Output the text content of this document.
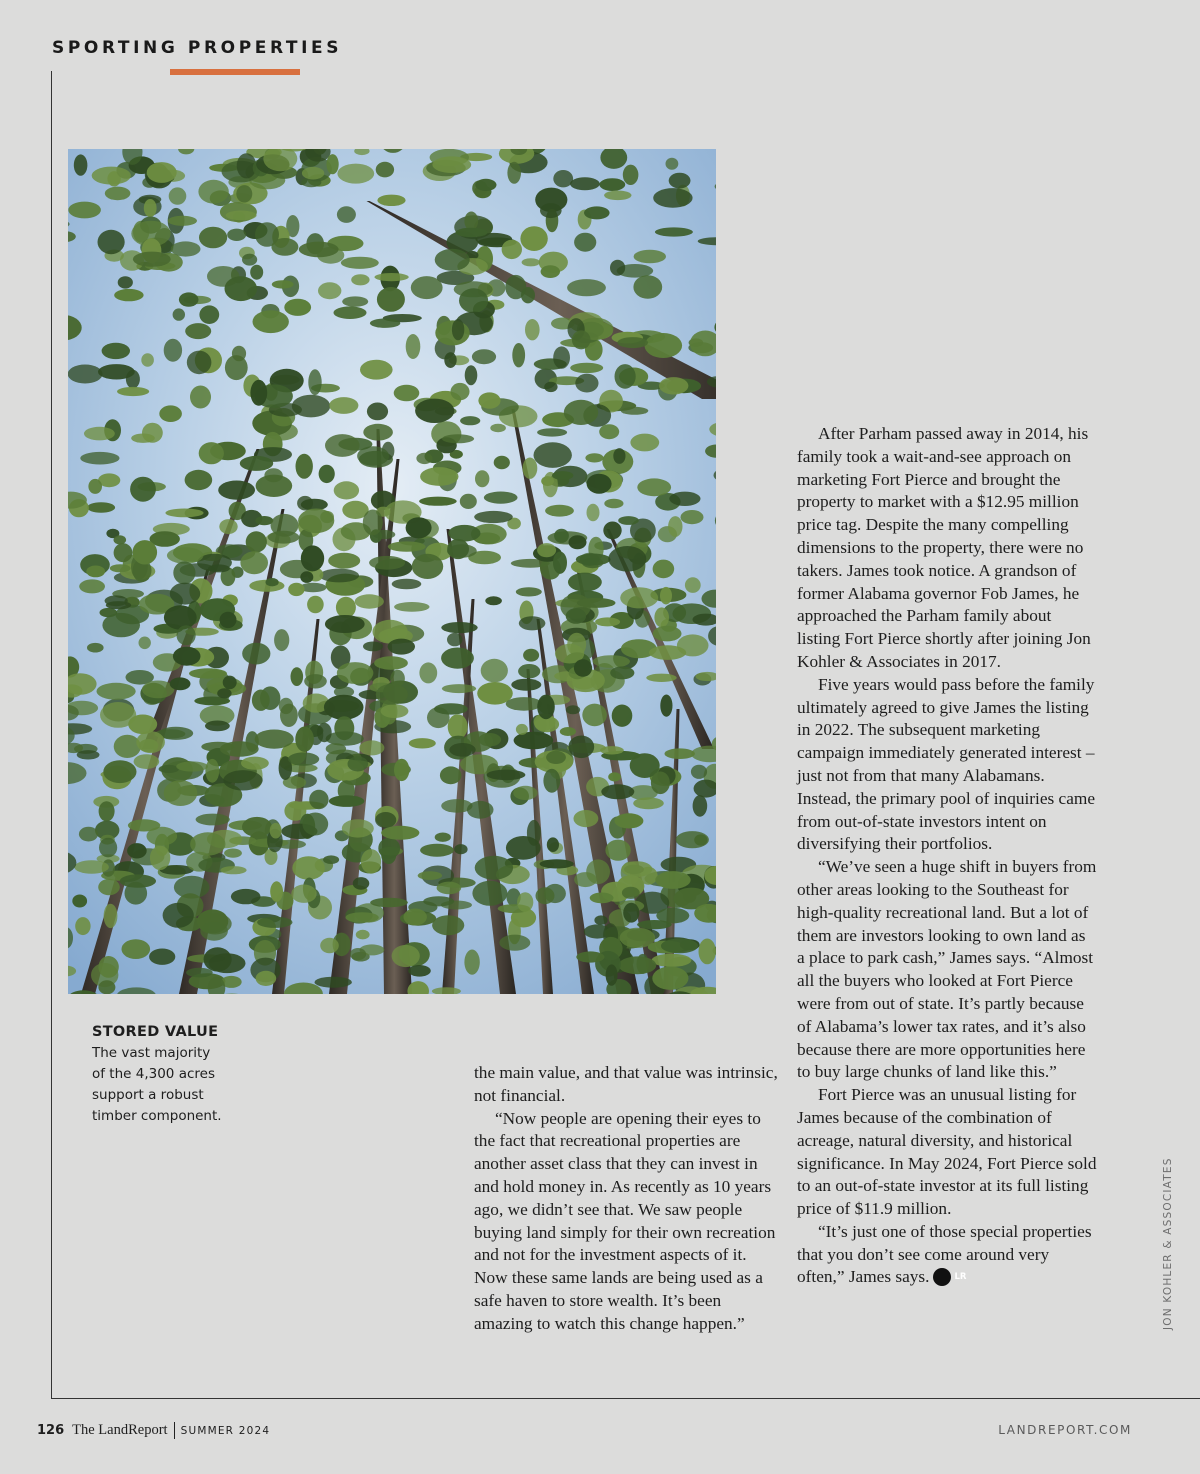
SPORTING PROPERTIES
STORED VALUE
The vast majority
of the 4,300 acres
support a robust
timber component.

the main value, and that value was intrinsic, not financial.

“Now people are opening their eyes to the fact that recreational properties are another asset class that they can invest in and hold money in. As recently as 10 years ago, we didn’t see that. We saw people buying land simply for their own recreation and not for the investment aspects of it. Now these same lands are being used as a safe haven to store wealth. It’s been amazing to watch this change happen.”

After Parham passed away in 2014, his family took a wait-and-see approach on marketing Fort Pierce and brought the property to market with a $12.95 million price tag. Despite the many compelling dimensions to the property, there were no takers. James took notice. A grandson of former Alabama governor Fob James, he approached the Parham family about listing Fort Pierce shortly after joining Jon Kohler & Associates in 2017.

Five years would pass before the family ultimately agreed to give James the listing in 2022. The subsequent marketing campaign immediately generated interest – just not from that many Alabamans. Instead, the primary pool of inquiries came from out-of-state investors intent on diversifying their portfolios.

“We’ve seen a huge shift in buyers from other areas looking to the Southeast for high-quality recreational land. But a lot of them are investors looking to own land as a place to park cash,” James says. “Almost all the buyers who looked at Fort Pierce were from out of state. It’s partly because of Alabama’s lower tax rates, and it’s also because there are more opportunities here to buy large chunks of land like this.”

Fort Pierce was an unusual listing for James because of the combination of acreage, natural diversity, and historical significance. In May 2024, Fort Pierce sold to an out-of-state investor at its full listing price of $11.9 million.

“It’s just one of those special properties that you don’t see come around very often,” James says.	LR	JON KOHLER & ASSOCIATES
126 The LandReport SUMMER 2024	LANDREPORT.COM
